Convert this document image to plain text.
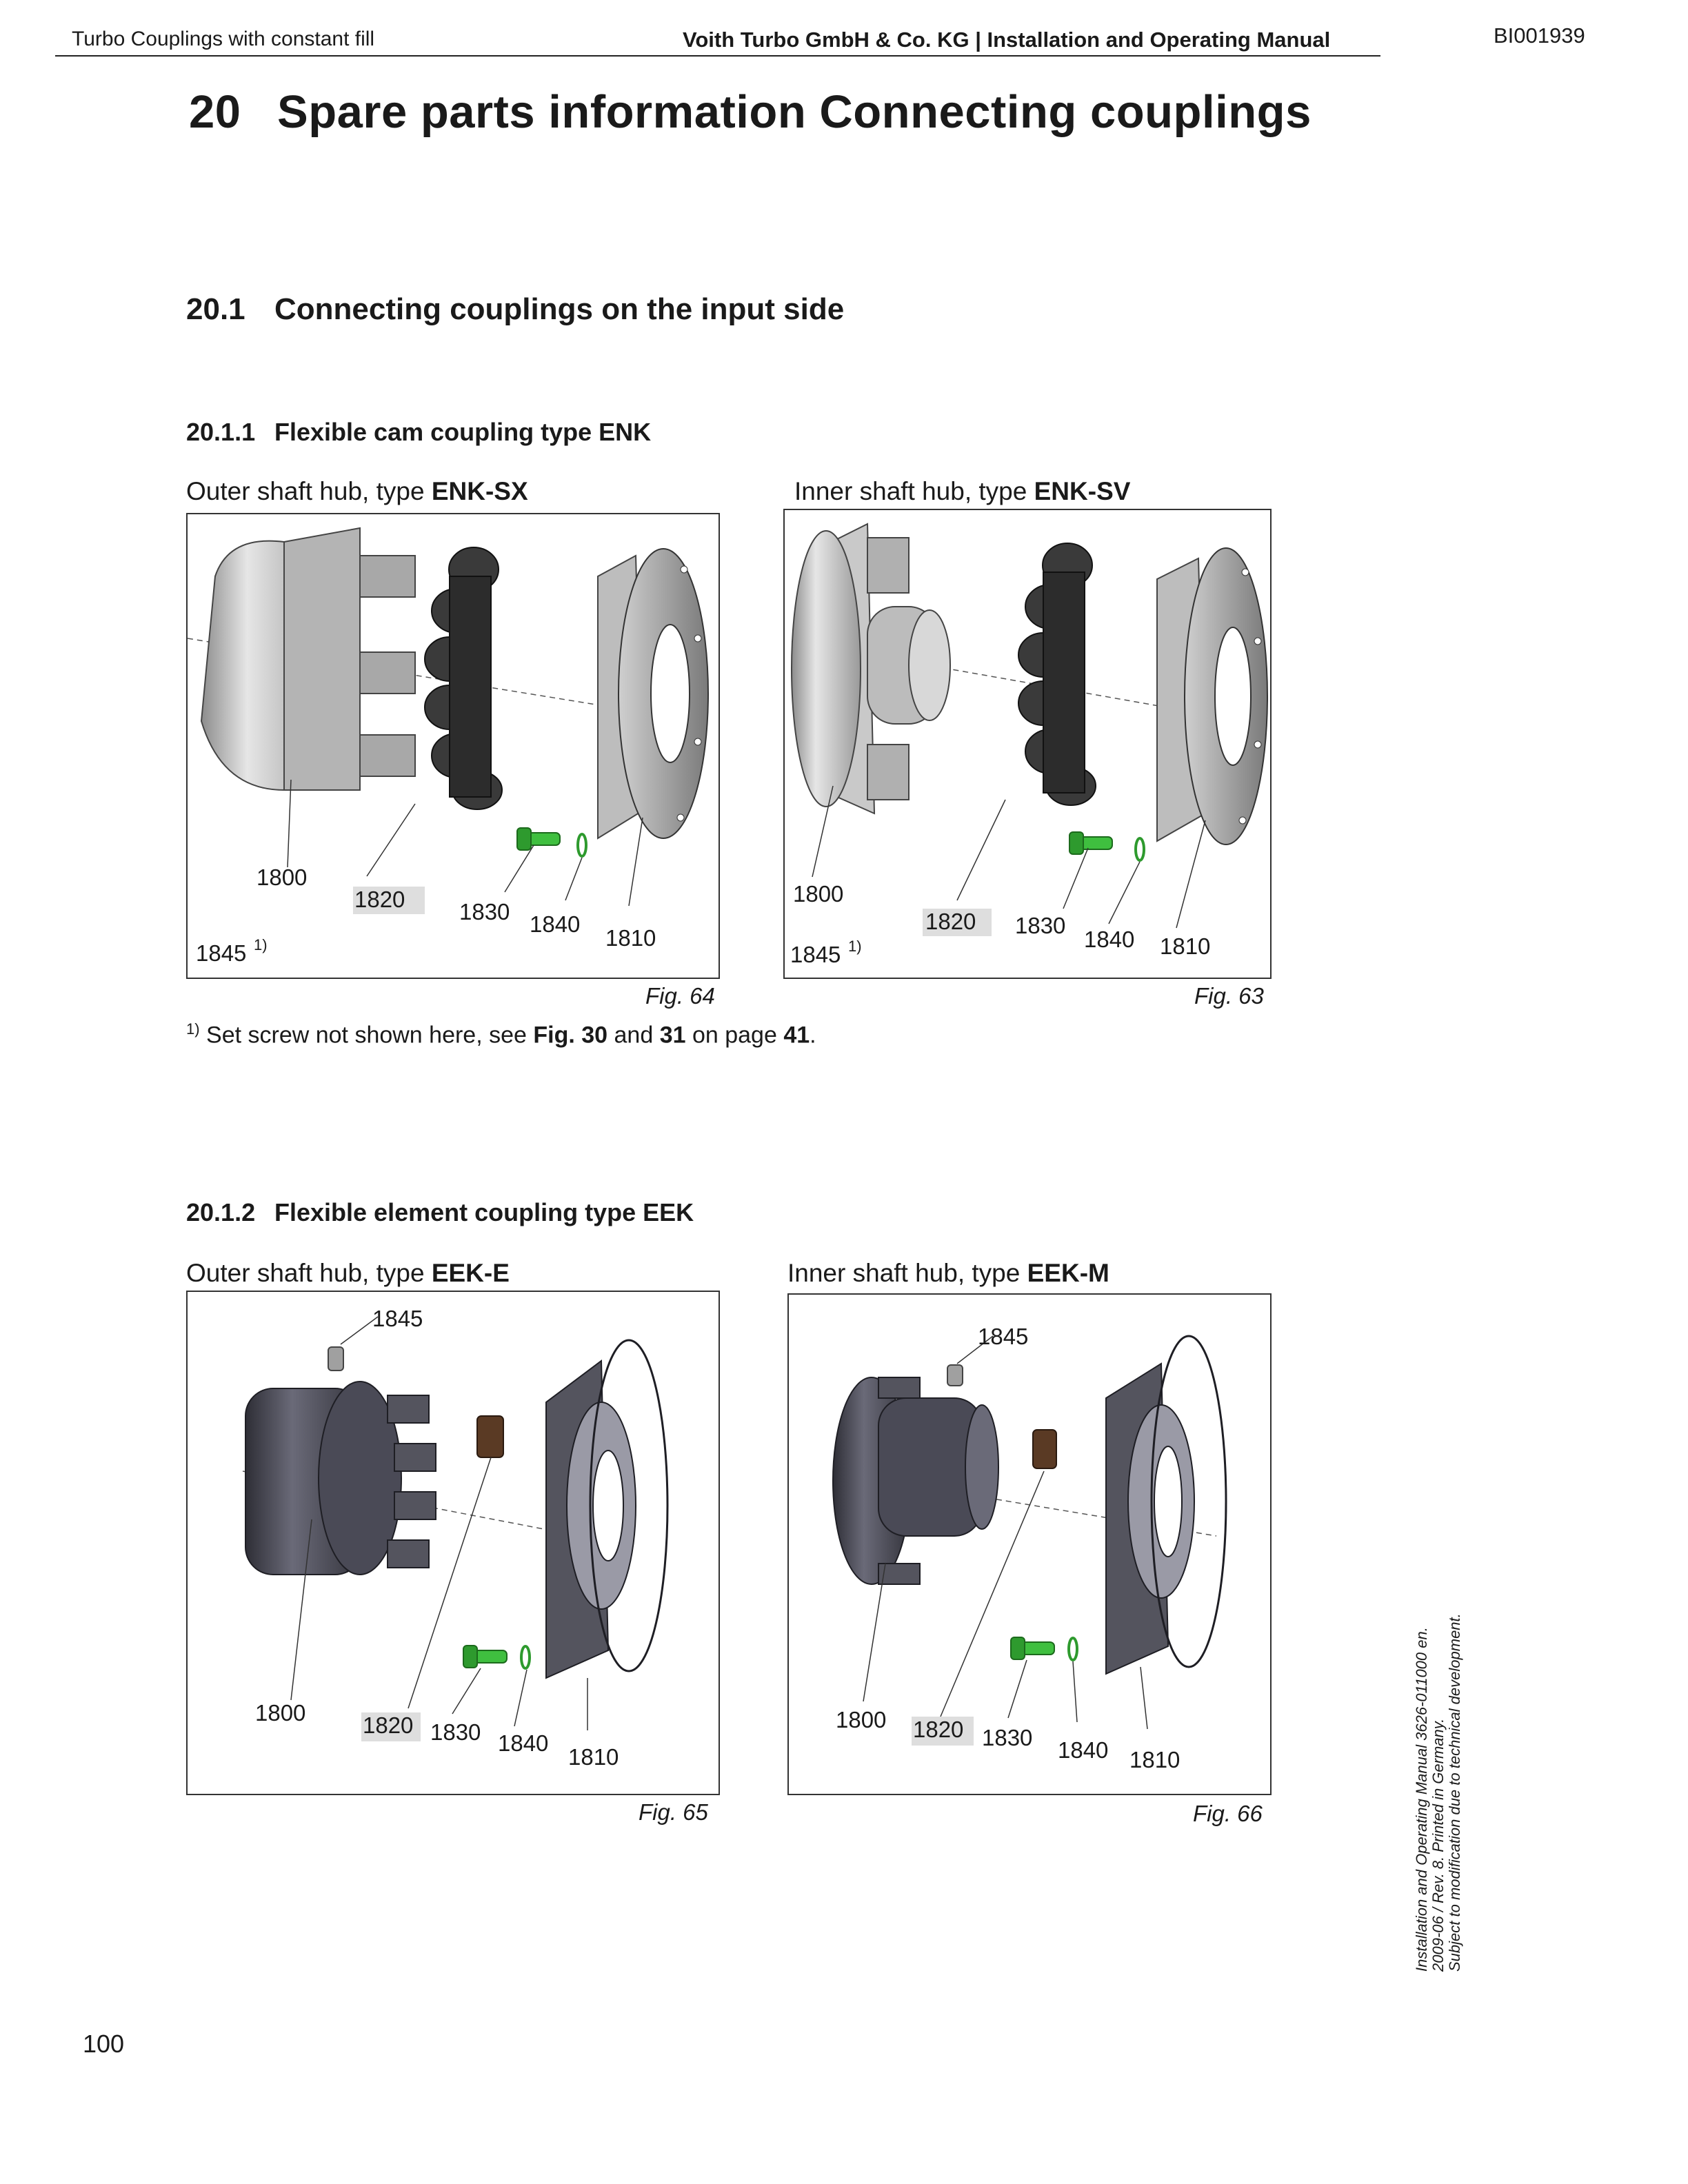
Turbo Couplings with constant fill	Voith Turbo GmbH & Co. KG | Installation and Operating Manual	BI001939
20 Spare parts information Connecting couplings
20.1 Connecting couplings on the input side
20.1.1 Flexible cam coupling type ENK
Outer shaft hub, type ENK-SX	Inner shaft hub, type ENK-SV
1800
1820 1830 1840
1810
1845 1)
1800
1820 1830
1840 1810
1845 1)
Fig. 64	Fig. 63
$^{1)}$ Set screw not shown here, see Fig. 30 and 31 on page 41.
20.1.2 Flexible element coupling type EEK
Outer shaft hub, type EEK-E	Inner shaft hub, type EEK-M
1845
1800	1820 1830 1840
1810
1845
1800 1820 1830 1840 1810
Fig. 65	Fig. 66	Installation and Operating Manual 3626-011000 en. 2009-06 / Rev. 8. Printed in Germany. Subject to modification due to technical development.
100
